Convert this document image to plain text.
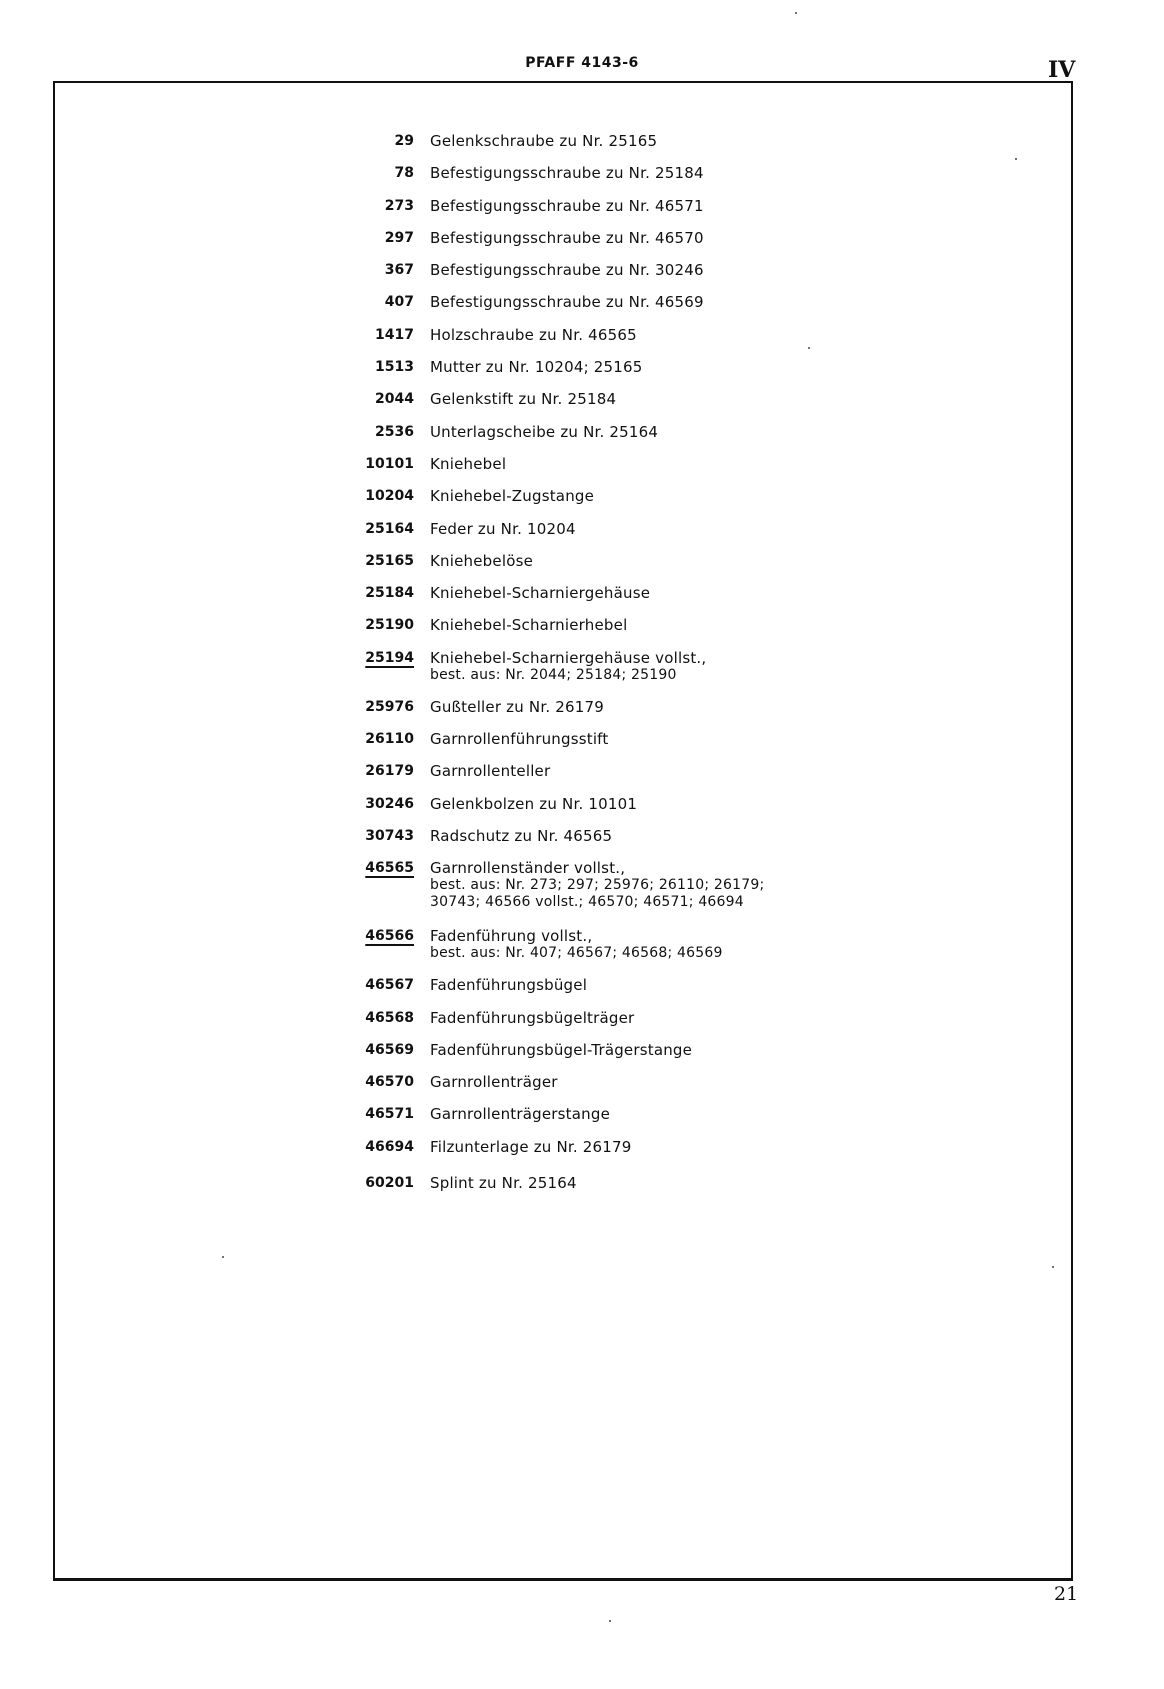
PFAFF 4143-6	IV
29	Gelenkschraube zu Nr. 25165
78	Befestigungsschraube zu Nr. 25184
273	Befestigungsschraube zu Nr. 46571
297	Befestigungsschraube zu Nr. 46570
367	Befestigungsschraube zu Nr. 30246
407	Befestigungsschraube zu Nr. 46569
1417	Holzschraube zu Nr. 46565
1513	Mutter zu Nr. 10204; 25165
2044	Gelenkstift zu Nr. 25184
2536	Unterlagscheibe zu Nr. 25164
10101	Kniehebel
10204	Kniehebel-Zugstange
25164	Feder zu Nr. 10204
25165	Kniehebelöse
25184	Kniehebel-Scharniergehäuse
25190	Kniehebel-Scharnierhebel
25194	Kniehebel-Scharniergehäuse vollst.,
best. aus: Nr. 2044; 25184; 25190
25976	Gußteller zu Nr. 26179
26110	Garnrollenführungsstift
26179	Garnrollenteller
30246	Gelenkbolzen zu Nr. 10101
30743	Radschutz zu Nr. 46565
46565	Garnrollenständer vollst.,
best. aus: Nr. 273; 297; 25976; 26110; 26179;
30743; 46566 vollst.; 46570; 46571; 46694
46566	Fadenführung vollst.,
best. aus: Nr. 407; 46567; 46568; 46569
46567	Fadenführungsbügel
46568	Fadenführungsbügelträger
46569	Fadenführungsbügel-Trägerstange
46570	Garnrollenträger
46571	Garnrollenträgerstange
46694	Filzunterlage zu Nr. 26179
60201	Splint zu Nr. 25164
21
